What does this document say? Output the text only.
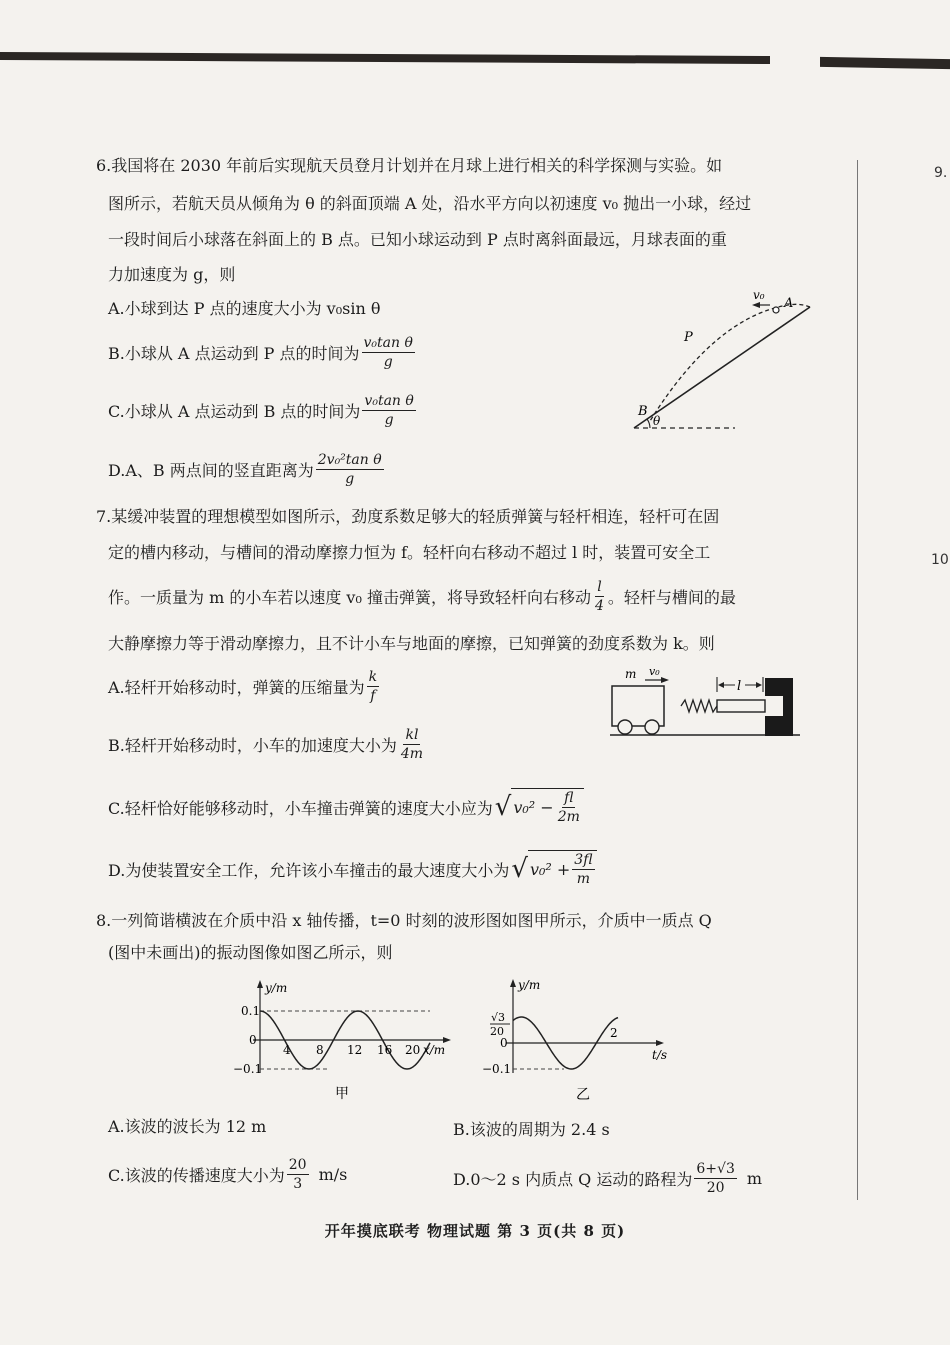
9.
10
6.我国将在 2030 年前后实现航天员登月计划并在月球上进行相关的科学探测与实验。如
图所示，若航天员从倾角为 θ 的斜面顶端 A 处，沿水平方向以初速度 v₀ 抛出一小球，经过
一段时间后小球落在斜面上的 B 点。已知小球运动到 P 点时离斜面最远，月球表面的重
力加速度为 g，则
A.小球到达 P 点的速度大小为 v₀sin θ
B.小球从 A 点运动到 P 点的时间为 $\frac{\text{v₀tan θ}}{g}$
C.小球从 A 点运动到 B 点的时间为 $\frac{\text{v₀tan θ}}{g}$
D.A、B 两点间的竖直距离为 $\frac{\text{2v₀²tan θ}}{g}$
v₀
A
P
B
θ
7.某缓冲装置的理想模型如图所示，劲度系数足够大的轻质弹簧与轻杆相连，轻杆可在固
定的槽内移动，与槽间的滑动摩擦力恒为 f。轻杆向右移动不超过 l 时，装置可安全工
作。一质量为 m 的小车若以速度 v₀ 撞击弹簧，将导致轻杆向右移动 $\frac{l}{4}$ 。轻杆与槽间的最
大静摩擦力等于滑动摩擦力，且不计小车与地面的摩擦，已知弹簧的劲度系数为 k。则
A.轻杆开始移动时，弹簧的压缩量为 $\frac{k}{f}$
B.轻杆开始移动时，小车的加速度大小为 $\frac{kl}{4m}$
C.轻杆恰好能够移动时，小车撞击弹簧的速度大小应为 √ $v_0^2 - \frac{fl}{2m}$
D.为使装置安全工作，允许该小车撞击的最大速度大小为 √ $v_0^2 + \frac{3fl}{m}$
m v₀
l
8.一列简谐横波在介质中沿 x 轴传播，t=0 时刻的波形图如图甲所示，介质中一质点 Q
(图中未画出)的振动图像如图乙所示，则
y/m
0.1
0
−0.1
4 8 12 16 20 x/m
甲
y/m
√3
20
0
−0.1
2
t/s
乙
A.该波的波长为 12 m	B.该波的周期为 2.4 s
C.该波的传播速度大小为 $\frac{20}{3} m/s$	D.0～2 s 内质点 Q 运动的路程为 $\frac{6+√3}{20}$ m
开年摸底联考 物理试题 第 3 页(共 8 页)
